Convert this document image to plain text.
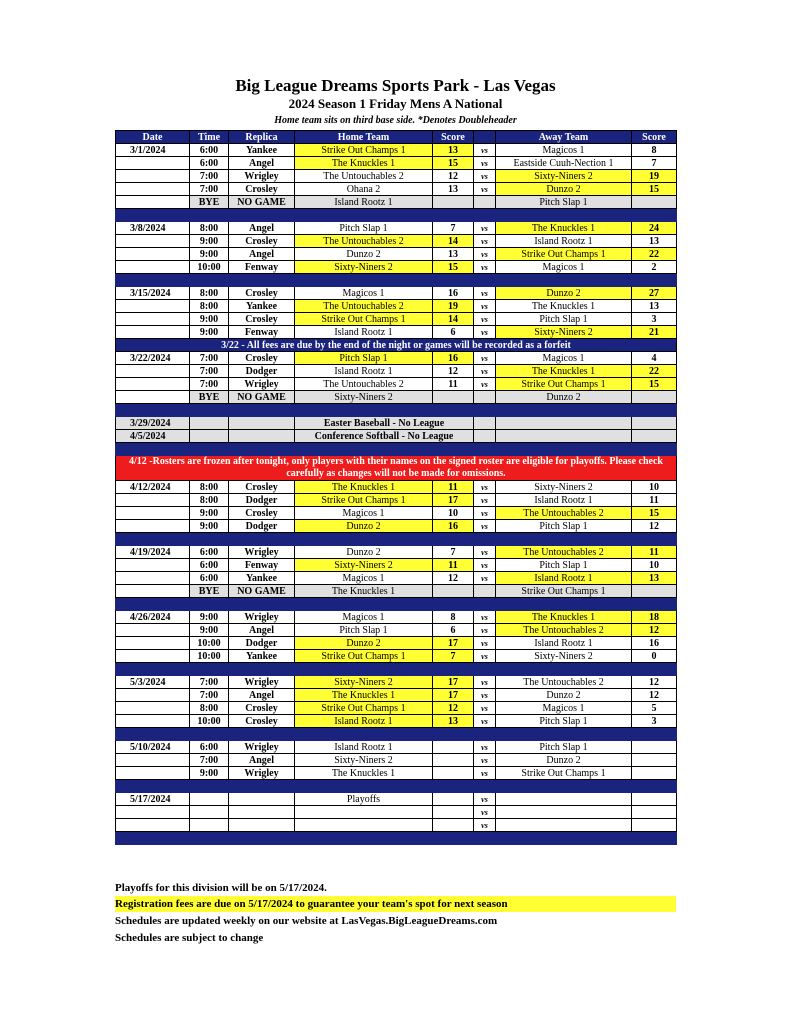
Big League Dreams Sports Park - Las Vegas
2024 Season 1 Friday Mens A National
Home team sits on third base side. *Denotes Doubleheader
Date	Time	Replica	Home Team	Score		Away Team	Score
3/1/2024	6:00	Yankee	Strike Out Champs 1	13	vs	Magicos 1	8
	6:00	Angel	The Knuckles 1	15	vs	Eastside Cuuh-Nection 1	7
	7:00	Wrigley	The Untouchables 2	12	vs	Sixty-Niners 2	19
	7:00	Crosley	Ohana 2	13	vs	Dunzo 2	15
	BYE	NO GAME	Island Rootz 1			Pitch Slap 1	

3/8/2024	8:00	Angel	Pitch Slap 1	7	vs	The Knuckles 1	24
	9:00	Crosley	The Untouchables 2	14	vs	Island Rootz 1	13
	9:00	Angel	Dunzo 2	13	vs	Strike Out Champs 1	22
	10:00	Fenway	Sixty-Niners 2	15	vs	Magicos 1	2

3/15/2024	8:00	Crosley	Magicos 1	16	vs	Dunzo 2	27
	8:00	Yankee	The Untouchables 2	19	vs	The Knuckles 1	13
	9:00	Crosley	Strike Out Champs 1	14	vs	Pitch Slap 1	3
	9:00	Fenway	Island Rootz 1	6	vs	Sixty-Niners 2	21
3/22 - All fees are due by the end of the night or games will be recorded as a forfeit							
3/22/2024	7:00	Crosley	Pitch Slap 1	16	vs	Magicos 1	4
	7:00	Dodger	Island Rootz 1	12	vs	The Knuckles 1	22
	7:00	Wrigley	The Untouchables 2	11	vs	Strike Out Champs 1	15
	BYE	NO GAME	Sixty-Niners 2			Dunzo 2	

3/29/2024			Easter Baseball - No League				
4/5/2024			Conference Softball - No League				

4/12 -Rosters are frozen after tonight, only players with their names on the signed roster are eligible for playoffs. Please check carefully as changes will not be made for omissions.							
4/12/2024	8:00	Crosley	The Knuckles 1	11	vs	Sixty-Niners 2	10
	8:00	Dodger	Strike Out Champs 1	17	vs	Island Rootz 1	11
	9:00	Crosley	Magicos 1	10	vs	The Untouchables 2	15
	9:00	Dodger	Dunzo 2	16	vs	Pitch Slap 1	12

4/19/2024	6:00	Wrigley	Dunzo 2	7	vs	The Untouchables 2	11
	6:00	Fenway	Sixty-Niners 2	11	vs	Pitch Slap 1	10
	6:00	Yankee	Magicos 1	12	vs	Island Rootz 1	13
	BYE	NO GAME	The Knuckles 1			Strike Out Champs 1	

4/26/2024	9:00	Wrigley	Magicos 1	8	vs	The Knuckles 1	18
	9:00	Angel	Pitch Slap 1	6	vs	The Untouchables 2	12
	10:00	Dodger	Dunzo 2	17	vs	Island Rootz 1	16
	10:00	Yankee	Strike Out Champs 1	7	vs	Sixty-Niners 2	0

5/3/2024	7:00	Wrigley	Sixty-Niners 2	17	vs	The Untouchables 2	12
	7:00	Angel	The Knuckles 1	17	vs	Dunzo 2	12
	8:00	Crosley	Strike Out Champs 1	12	vs	Magicos 1	5
	10:00	Crosley	Island Rootz 1	13	vs	Pitch Slap 1	3

5/10/2024	6:00	Wrigley	Island Rootz 1		vs	Pitch Slap 1	
	7:00	Angel	Sixty-Niners 2		vs	Dunzo 2	
	9:00	Wrigley	The Knuckles 1		vs	Strike Out Champs 1	

5/17/2024			Playoffs		vs		
					vs		
					vs		

Playoffs for this division will be on 5/17/2024.
Registration fees are due on 5/17/2024 to guarantee your team's spot for next season
Schedules are updated weekly on our website at LasVegas.BigLeagueDreams.com
Schedules are subject to change
